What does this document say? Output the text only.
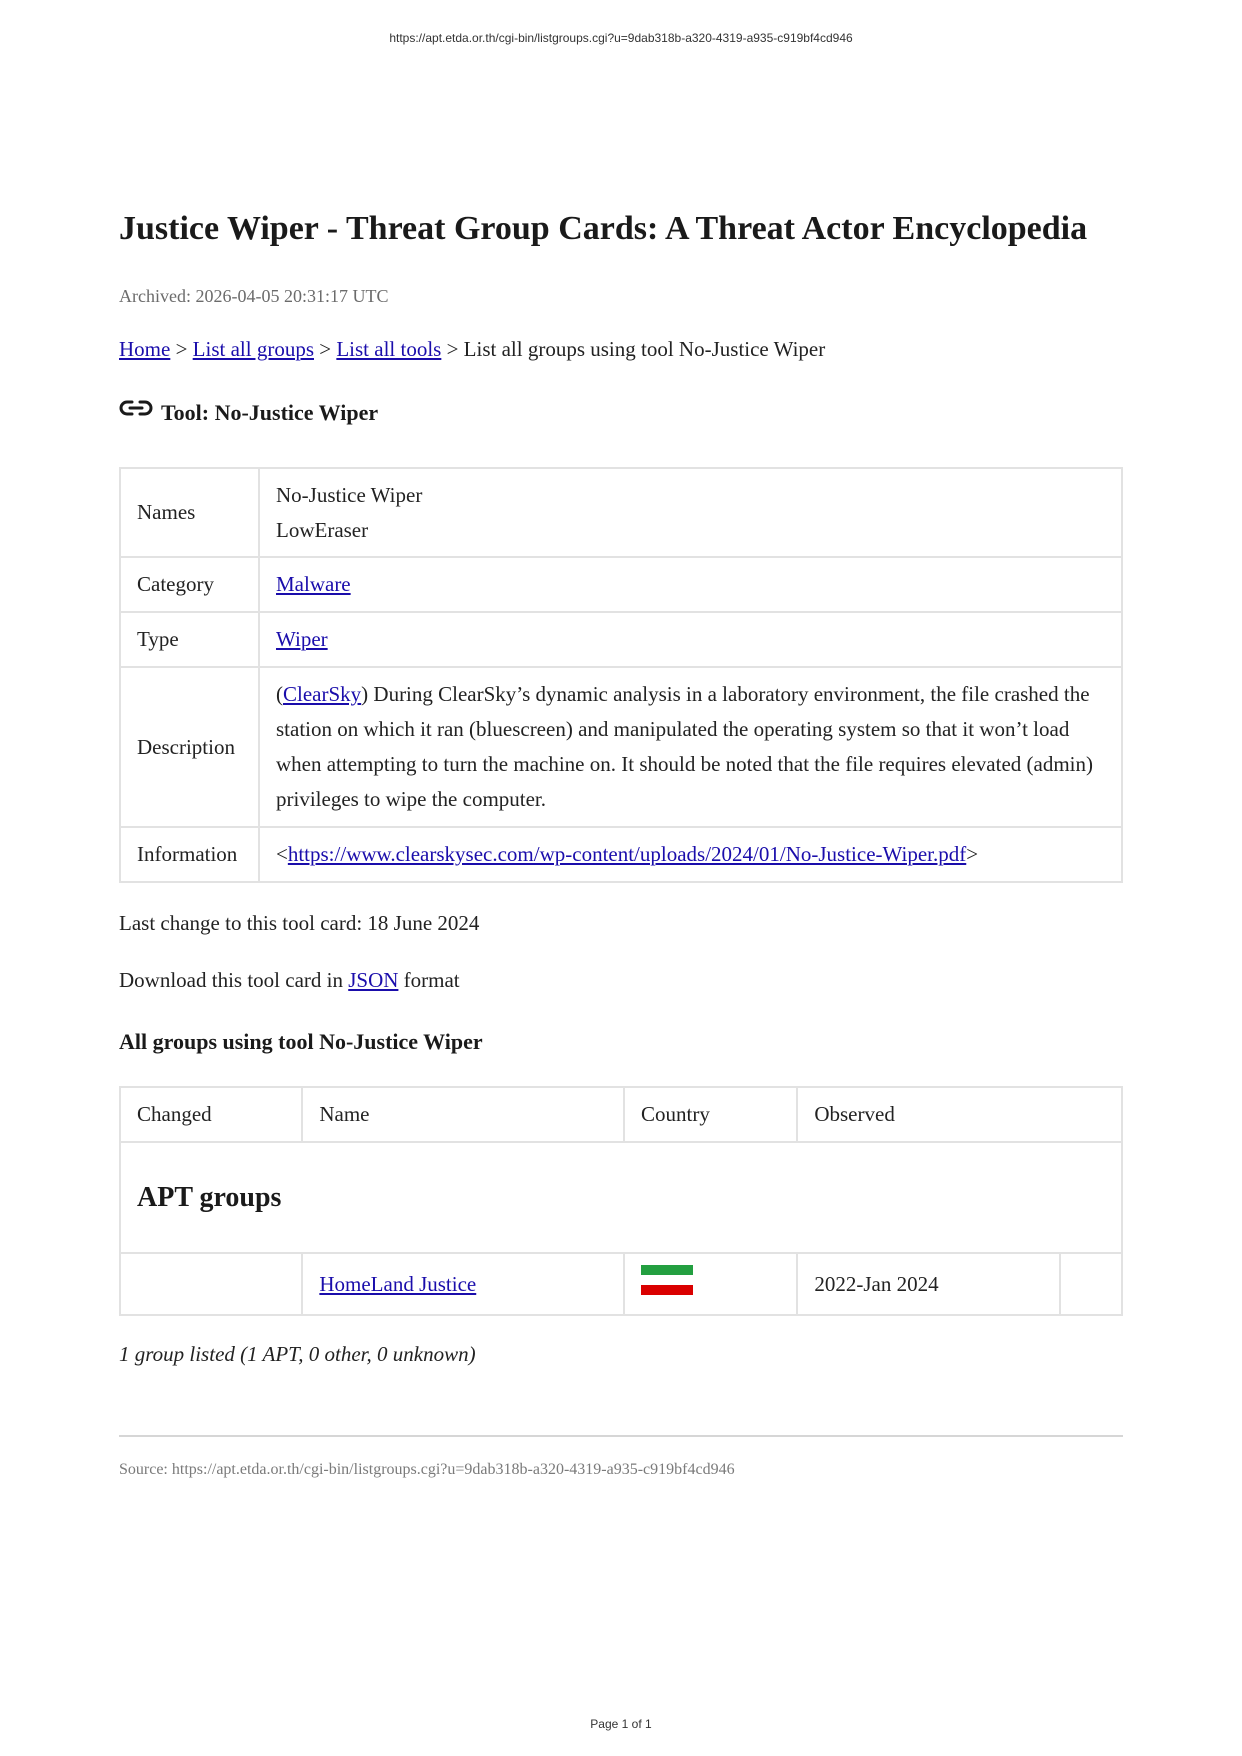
https://apt.etda.or.th/cgi-bin/listgroups.cgi?u=9dab318b-a320-4319-a935-c919bf4cd946
Justice Wiper - Threat Group Cards: A Threat Actor Encyclopedia
Archived: 2026-04-05 20:31:17 UTC
Home > List all groups > List all tools > List all groups using tool No-Justice Wiper
Tool: No-Justice Wiper
Names	No-Justice Wiper
LowEraser

Category	Malware
Type	Wiper
Description	(ClearSky) During ClearSky’s dynamic analysis in a laboratory environment, the file crashed the station on which it ran (bluescreen) and manipulated the operating system so that it won’t load when attempting to turn the machine on. It should be noted that the file requires elevated (admin) privileges to wipe the computer.
Information	<https://www.clearskysec.com/wp-content/uploads/2024/01/No-Justice-Wiper.pdf>
Last change to this tool card: 18 June 2024
Download this tool card in JSON format
All groups using tool No-Justice Wiper
Changed	Name	Country	Observed	
APT groups				
	HomeLand Justice	●	2022-Jan 2024	
1 group listed (1 APT, 0 other, 0 unknown)
Source: https://apt.etda.or.th/cgi-bin/listgroups.cgi?u=9dab318b-a320-4319-a935-c919bf4cd946
Page 1 of 1
